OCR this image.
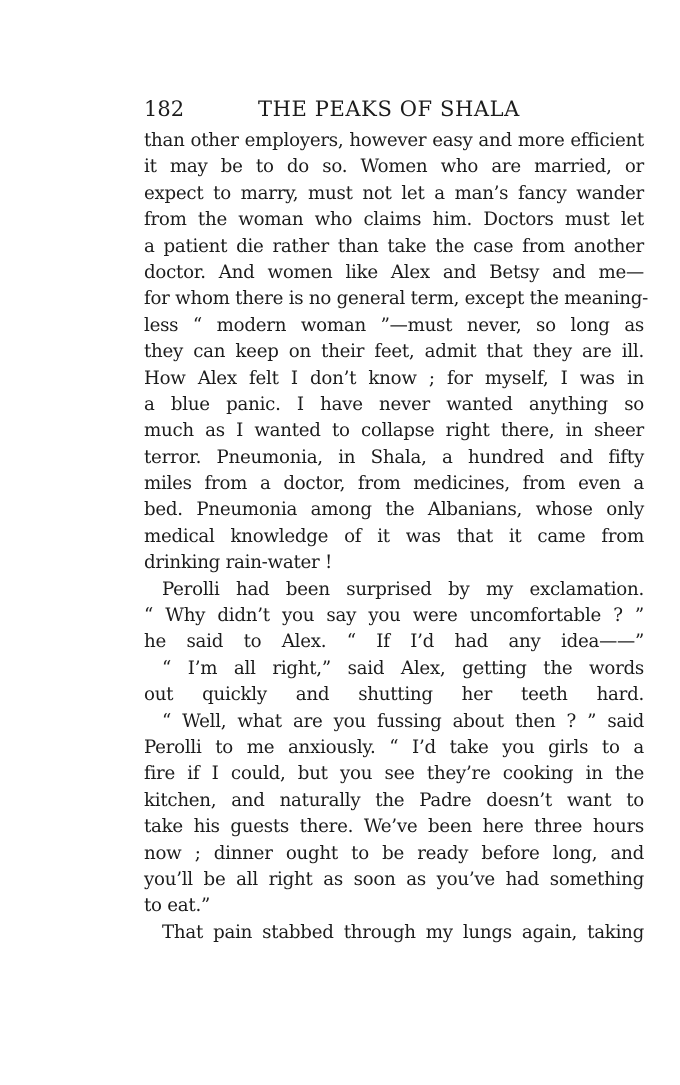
182	THE PEAKS OF SHALA
than other employers, however easy and more efficient
it may be to do so. Women who are married, or
expect to marry, must not let a man’s fancy wander
from the woman who claims him. Doctors must let
a patient die rather than take the case from another
doctor. And women like Alex and Betsy and me—
for whom there is no general term, except the meaning-
less “ modern woman ”—must never, so long as
they can keep on their feet, admit that they are ill.
How Alex felt I don’t know ; for myself, I was in
a blue panic. I have never wanted anything so
much as I wanted to collapse right there, in sheer
terror. Pneumonia, in Shala, a hundred and fifty
miles from a doctor, from medicines, from even a
bed. Pneumonia among the Albanians, whose only
medical knowledge of it was that it came from
drinking rain-water !
Perolli had been surprised by my exclamation.
“ Why didn’t you say you were uncomfortable ? ”
he said to Alex. “ If I’d had any idea——”
“ I’m all right,” said Alex, getting the words
out quickly and shutting her teeth hard.
“ Well, what are you fussing about then ? ” said
Perolli to me anxiously. “ I’d take you girls to a
fire if I could, but you see they’re cooking in the
kitchen, and naturally the Padre doesn’t want to
take his guests there. We’ve been here three hours
now ; dinner ought to be ready before long, and
you’ll be all right as soon as you’ve had something
to eat.”
That pain stabbed through my lungs again, taking
